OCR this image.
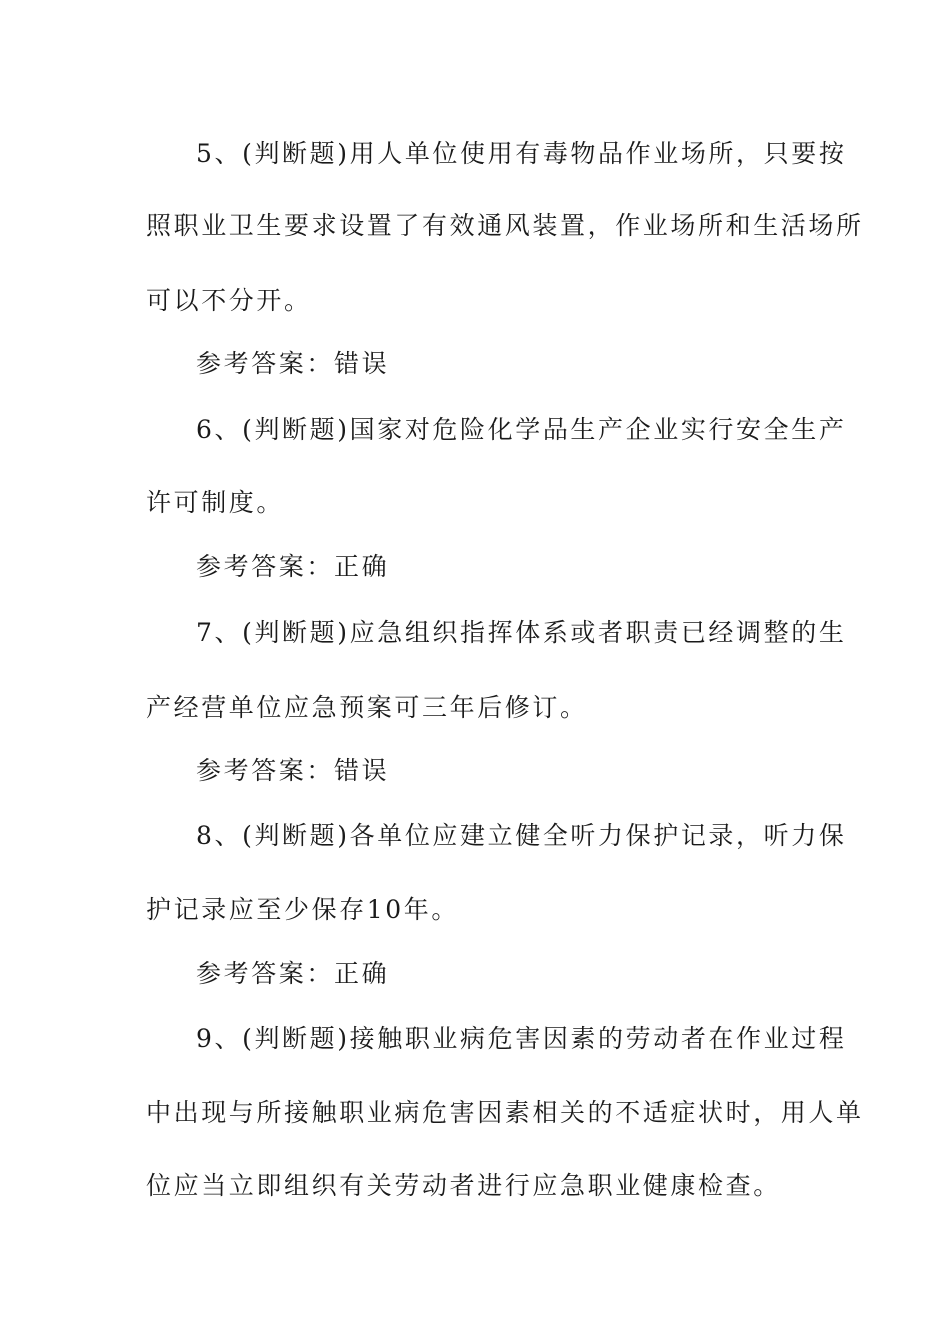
5、(判断题)用人单位使用有毒物品作业场所，只要按
照职业卫生要求设置了有效通风装置，作业场所和生活场所
可以不分开。
参考答案：错误
6、(判断题)国家对危险化学品生产企业实行安全生产
许可制度。
参考答案：正确
7、(判断题)应急组织指挥体系或者职责已经调整的生
产经营单位应急预案可三年后修订。
参考答案：错误
8、(判断题)各单位应建立健全听力保护记录，听力保
护记录应至少保存10年。
参考答案：正确
9、(判断题)接触职业病危害因素的劳动者在作业过程
中出现与所接触职业病危害因素相关的不适症状时，用人单
位应当立即组织有关劳动者进行应急职业健康检查。
